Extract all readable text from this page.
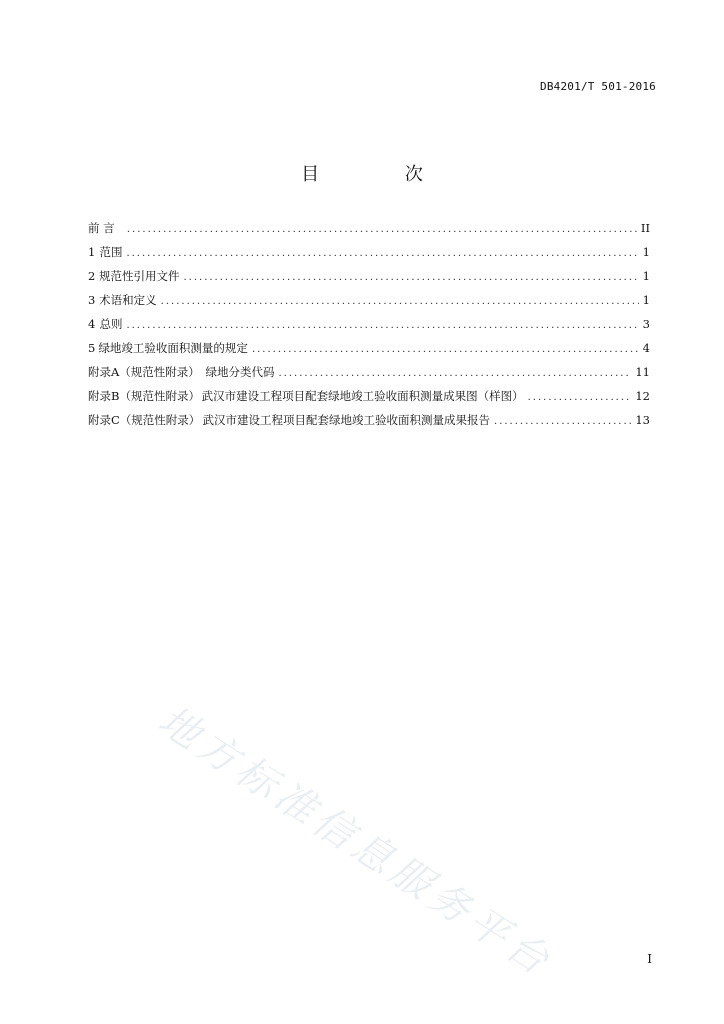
DB4201/T 501-2016
目 次
前 言 .....	II
1 范围 .....	1
2 规范性引用文件 .....	1
3 术语和定义 .....	1
4 总则 .....	3
5 绿地竣工验收面积测量的规定 .....	4
附录A（规范性附录） 绿地分类代码 .....	11
附录B（规范性附录） 武汉市建设工程项目配套绿地竣工验收面积测量成果图（样图） .....	12
附录C（规范性附录） 武汉市建设工程项目配套绿地竣工验收面积测量成果报告 .....	13
地方标准信息服务平台	I
